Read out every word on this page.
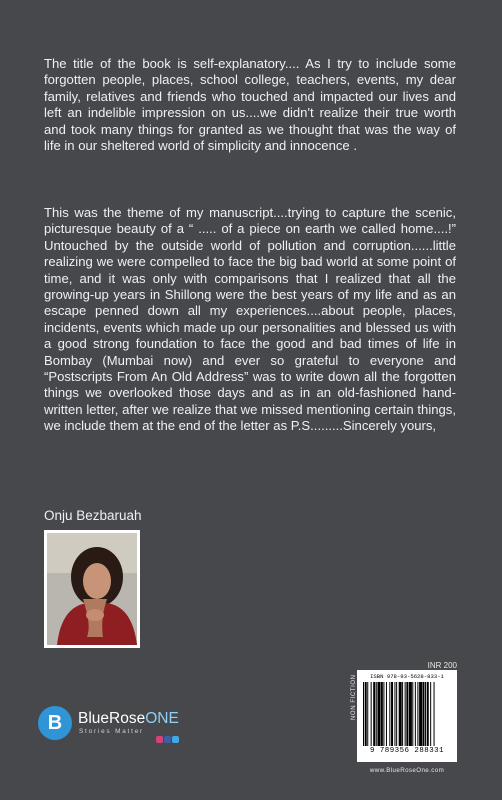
The title of the book is self-explanatory.... As I try to include some forgotten people, places, school college, teachers, events, my dear family, relatives and friends who touched and impacted our lives and left an indelible impression on us....we didn't realize their true worth and took many things for granted as we thought that was the way of life in our sheltered world of simplicity and innocence .

This was the theme of my manuscript....trying to capture the scenic, picturesque beauty of a “ ..... of a piece on earth we called home....!” Untouched by the outside world of pollution and corruption......little realizing we were compelled to face the big bad world at some point of time, and it was only with comparisons that I realized that all the growing-up years in Shillong were the best years of my life and as an escape penned down all my experiences....about people, places, incidents, events which made up our personalities and blessed us with a good strong foundation to face the good and bad times of life in Bombay (Mumbai now) and ever so grateful to everyone and “Postscripts From An Old Address” was to write down all the forgotten things we overlooked those days and as in an old-fashioned hand-written letter, after we realize that we missed mentioning certain things, we include them at the end of the letter as P.S.........Sincerely yours,

Onju Bezbaruah

INR 200
NON FICTION	ISBN 978-93-5628-833-1
9 789356 288331
www.BlueRoseOne.com
B	BlueRoseONE
Stories Matter
